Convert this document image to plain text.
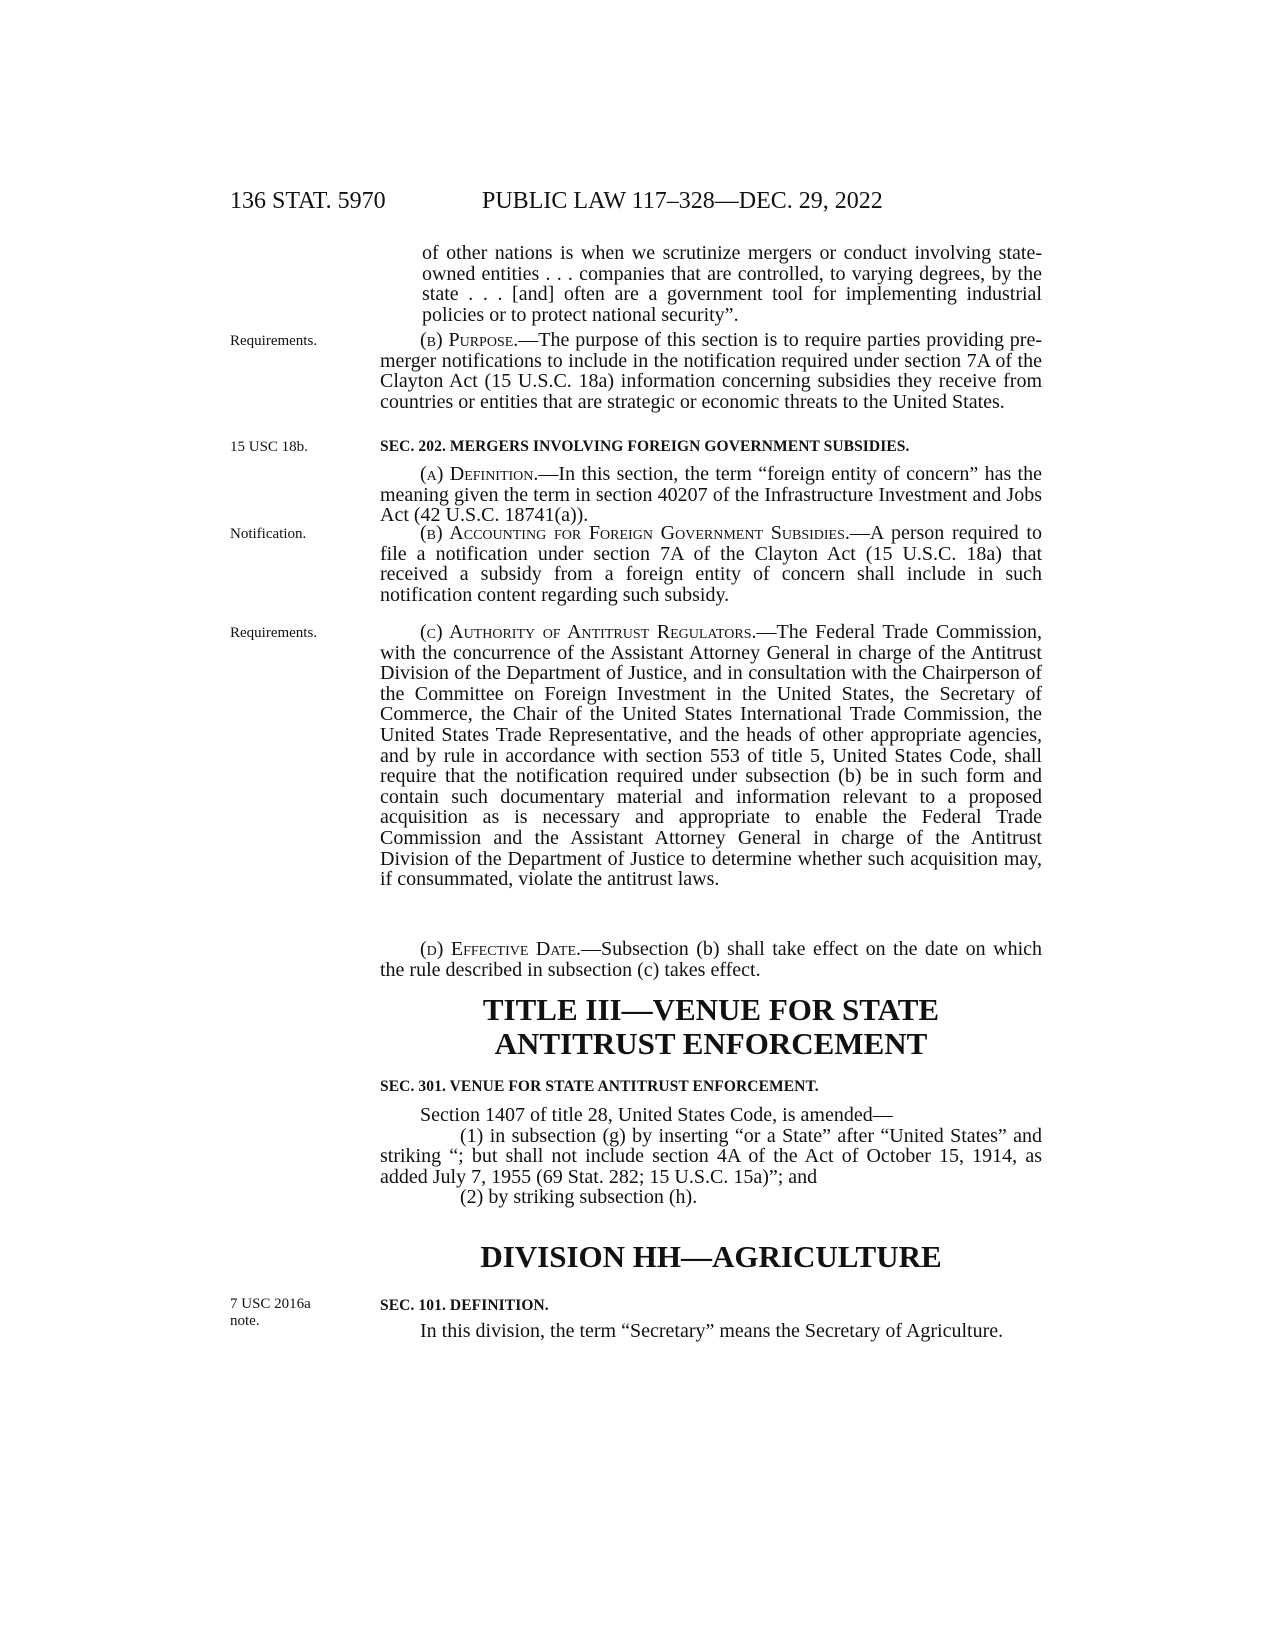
136 STAT. 5970	PUBLIC LAW 117–328—DEC. 29, 2022
Requirements.
15 USC 18b.
Notification.
Requirements.
7 USC 2016a
note.

of other nations is when we scrutinize mergers or conduct involving state-owned entities . . . companies that are controlled, to varying degrees, by the state . . . [and] often are a government tool for implementing industrial policies or to protect national security”.

(b) Purpose.—The purpose of this section is to require parties providing pre-merger notifications to include in the notification required under section 7A of the Clayton Act (15 U.S.C. 18a) information concerning subsidies they receive from countries or entities that are strategic or economic threats to the United States.

SEC. 202. MERGERS INVOLVING FOREIGN GOVERNMENT SUBSIDIES.

(a) Definition.—In this section, the term “foreign entity of concern” has the meaning given the term in section 40207 of the Infrastructure Investment and Jobs Act (42 U.S.C. 18741(a)).

(b) Accounting for Foreign Government Subsidies.—A person required to file a notification under section 7A of the Clayton Act (15 U.S.C. 18a) that received a subsidy from a foreign entity of concern shall include in such notification content regarding such subsidy.

(c) Authority of Antitrust Regulators.—The Federal Trade Commission, with the concurrence of the Assistant Attorney General in charge of the Antitrust Division of the Department of Justice, and in consultation with the Chairperson of the Committee on Foreign Investment in the United States, the Secretary of Commerce, the Chair of the United States International Trade Commission, the United States Trade Representative, and the heads of other appropriate agencies, and by rule in accordance with section 553 of title 5, United States Code, shall require that the notification required under subsection (b) be in such form and contain such documentary material and information relevant to a proposed acquisition as is necessary and appropriate to enable the Federal Trade Commission and the Assistant Attorney General in charge of the Antitrust Division of the Department of Justice to determine whether such acquisition may, if consummated, violate the antitrust laws.

(d) Effective Date.—Subsection (b) shall take effect on the date on which the rule described in subsection (c) takes effect.

TITLE III—VENUE FOR STATE
ANTITRUST ENFORCEMENT

SEC. 301. VENUE FOR STATE ANTITRUST ENFORCEMENT.

Section 1407 of title 28, United States Code, is amended—

(1) in subsection (g) by inserting “or a State” after “United States” and striking “; but shall not include section 4A of the Act of October 15, 1914, as added July 7, 1955 (69 Stat. 282; 15 U.S.C. 15a)”; and

(2) by striking subsection (h).

DIVISION HH—AGRICULTURE

SEC. 101. DEFINITION.

In this division, the term “Secretary” means the Secretary of Agriculture.
